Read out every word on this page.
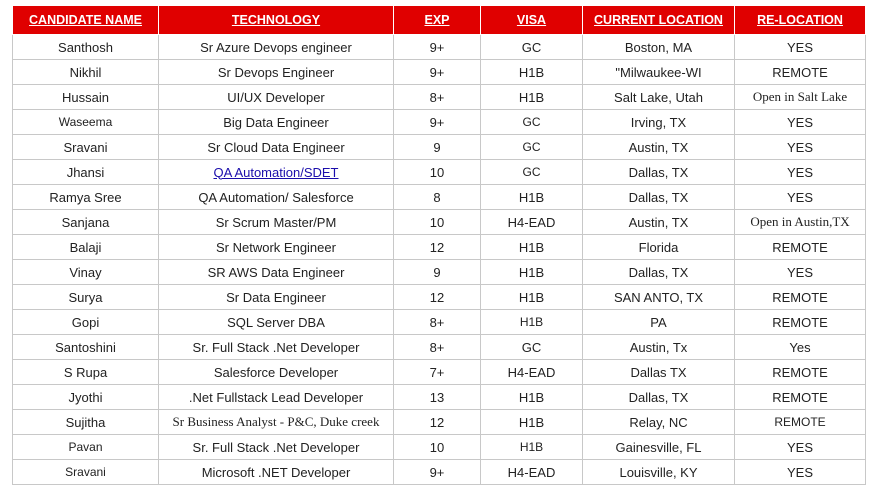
CANDIDATE NAME	TECHNOLOGY	EXP	VISA	CURRENT LOCATION	RE-LOCATION
Santhosh	Sr Azure Devops engineer	9+	GC	Boston, MA	YES
Nikhil	Sr Devops Engineer	9+	H1B	"Milwaukee-WI	REMOTE
Hussain	UI/UX Developer	8+	H1B	Salt Lake, Utah	Open in Salt Lake
Waseema	Big Data Engineer	9+	GC	Irving, TX	YES
Sravani	Sr Cloud Data Engineer	9	GC	Austin, TX	YES
Jhansi	QA Automation/SDET	10	GC	Dallas, TX	YES
Ramya Sree	QA Automation/ Salesforce	8	H1B	Dallas, TX	YES
Sanjana	Sr Scrum Master/PM	10	H4-EAD	Austin, TX	Open in Austin,TX
Balaji	Sr Network Engineer	12	H1B	Florida	REMOTE
Vinay	SR AWS Data Engineer	9	H1B	Dallas, TX	YES
Surya	Sr Data Engineer	12	H1B	SAN ANTO, TX	REMOTE
Gopi	SQL Server DBA	8+	H1B	PA	REMOTE
Santoshini	Sr. Full Stack .Net Developer	8+	GC	Austin, Tx	Yes
S Rupa	Salesforce Developer	7+	H4-EAD	Dallas TX	REMOTE
Jyothi	.Net Fullstack Lead Developer	13	H1B	Dallas, TX	REMOTE
Sujitha	Sr Business Analyst - P&C, Duke creek	12	H1B	Relay, NC	REMOTE
Pavan	Sr. Full Stack .Net Developer	10	H1B	Gainesville, FL	YES
Sravani	Microsoft .NET Developer	9+	H4-EAD	Louisville, KY	YES
